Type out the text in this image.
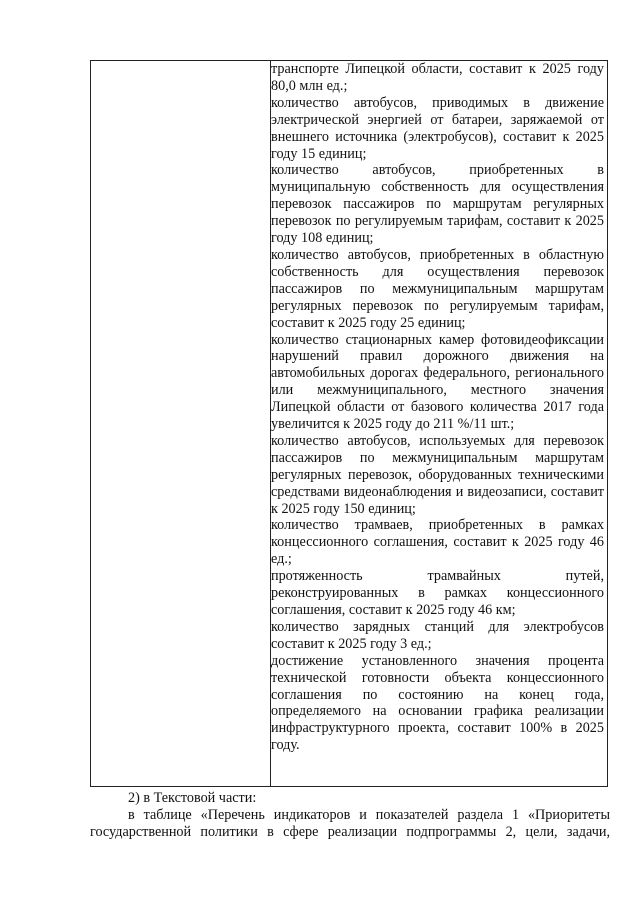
транспорте Липецкой области, составит к 2025 году 80,0 млн ед.;

количество автобусов, приводимых в движение электрической энергией от батареи, заряжаемой от внешнего источника (электробусов), составит к 2025 году 15 единиц;

количество автобусов, приобретенных в муниципальную собственность для осуществления перевозок пассажиров по маршрутам регулярных перевозок по регулируемым тарифам, составит к 2025 году 108 единиц;

количество автобусов, приобретенных в областную собственность для осуществления перевозок пассажиров по межмуниципальным маршрутам регулярных перевозок по регулируемым тарифам, составит к 2025 году 25 единиц;

количество стационарных камер фотовидеофиксации нарушений правил дорожного движения на автомобильных дорогах федерального, регионального или межмуниципального, местного значения Липецкой области от базового количества 2017 года увеличится к 2025 году до 211 %/11 шт.;

количество автобусов, используемых для перевозок пассажиров по межмуниципальным маршрутам регулярных перевозок, оборудованных техническими средствами видеонаблюдения и видеозаписи, составит к 2025 году 150 единиц;

количество трамваев, приобретенных в рамках концессионного соглашения, составит к 2025 году 46 ед.;

протяженность трамвайных путей, реконструированных в рамках концессионного соглашения, составит к 2025 году 46 км;

количество зарядных станций для электробусов составит к 2025 году 3 ед.;

достижение установленного значения процента технической готовности объекта концессионного соглашения по состоянию на конец года, определяемого на основании графика реализации инфраструктурного проекта, составит 100% в 2025 году.

2) в Текстовой части:

в таблице «Перечень индикаторов и показателей раздела 1 «Приоритеты

государственной политики в сфере реализации подпрограммы 2, цели, задачи,
